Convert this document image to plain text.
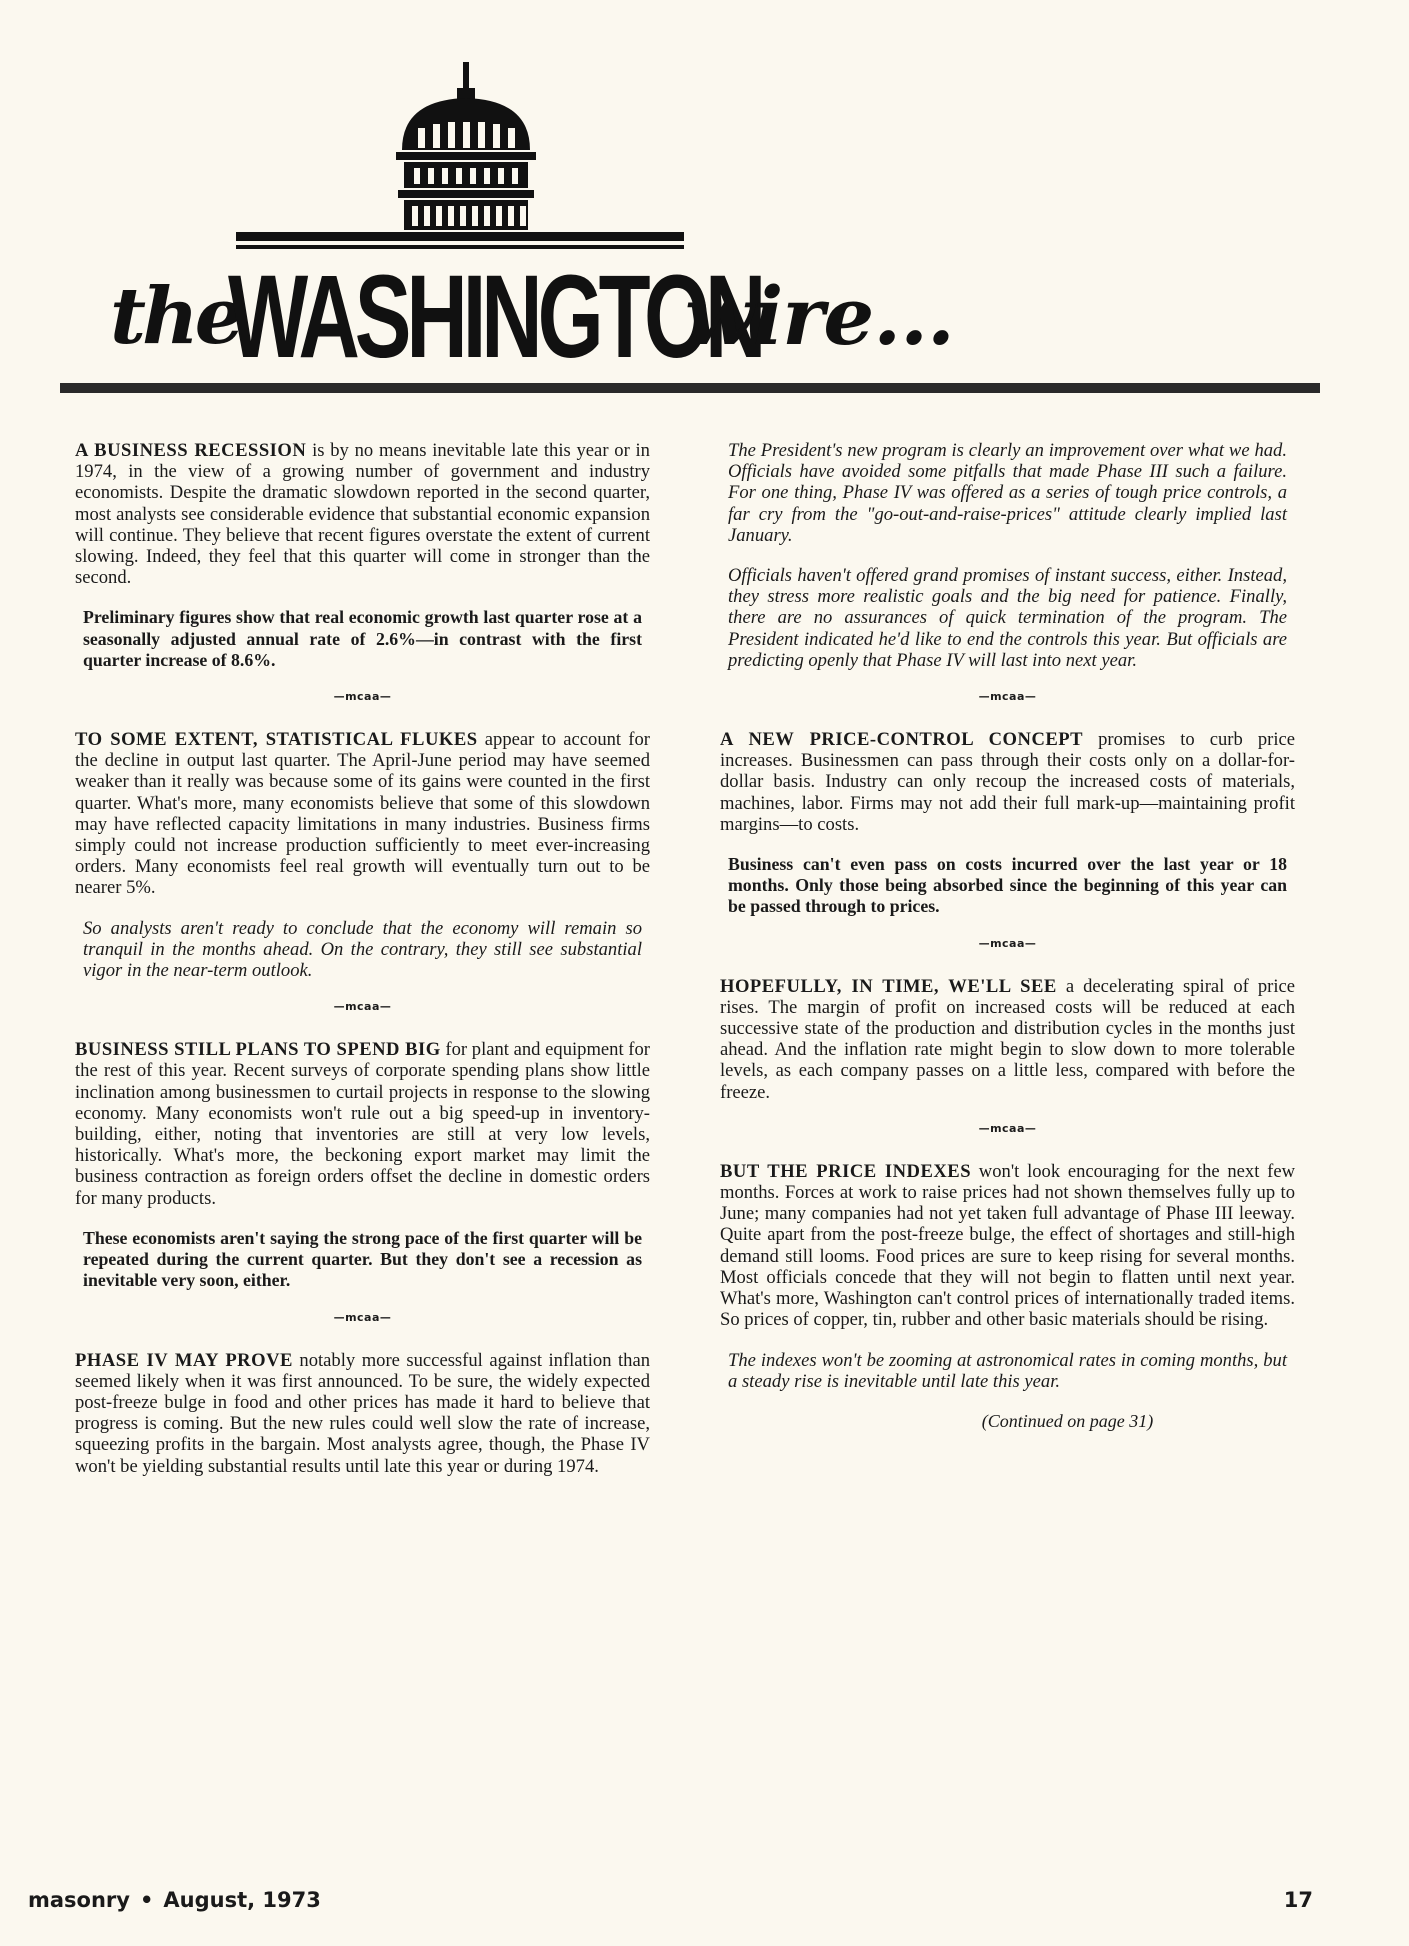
the
WASHINGTON
wire...

A BUSINESS RECESSION is by no means inevitable late this year or in 1974, in the view of a growing number of government and industry economists. Despite the dramatic slowdown reported in the second quarter, most analysts see considerable evidence that substantial economic expansion will continue. They believe that recent figures overstate the extent of current slowing. Indeed, they feel that this quarter will come in stronger than the second.

Preliminary figures show that real economic growth last quarter rose at a seasonally adjusted annual rate of 2.6%—in contrast with the first quarter increase of 8.6%.

—mcaa—

TO SOME EXTENT, STATISTICAL FLUKES appear to account for the decline in output last quarter. The April-June period may have seemed weaker than it really was because some of its gains were counted in the first quarter. What's more, many economists believe that some of this slowdown may have reflected capacity limitations in many industries. Business firms simply could not increase production sufficiently to meet ever-increasing orders. Many economists feel real growth will eventually turn out to be nearer 5%.

So analysts aren't ready to conclude that the economy will remain so tranquil in the months ahead. On the contrary, they still see substantial vigor in the near-term outlook.

—mcaa—

BUSINESS STILL PLANS TO SPEND BIG for plant and equipment for the rest of this year. Recent surveys of corporate spending plans show little inclination among businessmen to curtail projects in response to the slowing economy. Many economists won't rule out a big speed-up in inventory-building, either, noting that inventories are still at very low levels, historically. What's more, the beckoning export market may limit the business contraction as foreign orders offset the decline in domestic orders for many products.

These economists aren't saying the strong pace of the first quarter will be repeated during the current quarter. But they don't see a recession as inevitable very soon, either.

—mcaa—

PHASE IV MAY PROVE notably more successful against inflation than seemed likely when it was first announced. To be sure, the widely expected post-freeze bulge in food and other prices has made it hard to believe that progress is coming. But the new rules could well slow the rate of increase, squeezing profits in the bargain. Most analysts agree, though, the Phase IV won't be yielding substantial results until late this year or during 1974.

The President's new program is clearly an improvement over what we had. Officials have avoided some pitfalls that made Phase III such a failure. For one thing, Phase IV was offered as a series of tough price controls, a far cry from the "go-out-and-raise-prices" attitude clearly implied last January.

Officials haven't offered grand promises of instant success, either. Instead, they stress more realistic goals and the big need for patience. Finally, there are no assurances of quick termination of the program. The President indicated he'd like to end the controls this year. But officials are predicting openly that Phase IV will last into next year.

—mcaa—

A NEW PRICE-CONTROL CONCEPT promises to curb price increases. Businessmen can pass through their costs only on a dollar-for-dollar basis. Industry can only recoup the increased costs of materials, machines, labor. Firms may not add their full mark-up—maintaining profit margins—to costs.

Business can't even pass on costs incurred over the last year or 18 months. Only those being absorbed since the beginning of this year can be passed through to prices.

—mcaa—

HOPEFULLY, IN TIME, WE'LL SEE a decelerating spiral of price rises. The margin of profit on increased costs will be reduced at each successive state of the production and distribution cycles in the months just ahead. And the inflation rate might begin to slow down to more tolerable levels, as each company passes on a little less, compared with before the freeze.

—mcaa—

BUT THE PRICE INDEXES won't look encouraging for the next few months. Forces at work to raise prices had not shown themselves fully up to June; many companies had not yet taken full advantage of Phase III leeway. Quite apart from the post-freeze bulge, the effect of shortages and still-high demand still looms. Food prices are sure to keep rising for several months. Most officials concede that they will not begin to flatten until next year. What's more, Washington can't control prices of internationally traded items. So prices of copper, tin, rubber and other basic materials should be rising.

The indexes won't be zooming at astronomical rates in coming months, but a steady rise is inevitable until late this year.

(Continued on page 31)

masonry • August, 1973	17
